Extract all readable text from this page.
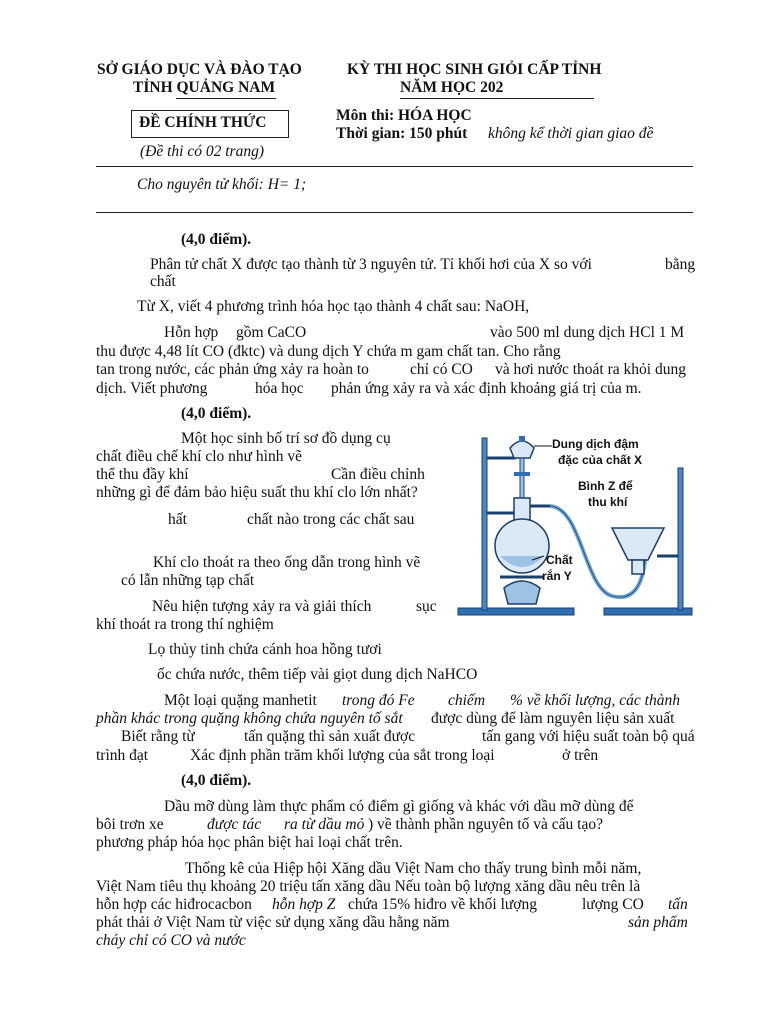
SỞ GIÁO DỤC VÀ ĐÀO TẠO
TỈNH QUẢNG NAM
KỲ THI HỌC SINH GIỎI CẤP TỈNH
NĂM HỌC 202
ĐỀ CHÍNH THỨC
(Đề thi có 02 trang)
Môn thi: HÓA HỌC
Thời gian: 150 phút không kể thời gian giao đề
Cho nguyên tử khối: H= 1;
(4,0 điểm).
Phân tử chất X được tạo thành từ 3 nguyên tử. Tỉ khối hơi của X so với	bằng
chất
Từ X, viết 4 phương trình hóa học tạo thành 4 chất sau: NaOH,
Hỗn hợp gồm CaCO	vào 500 ml dung dịch HCl 1 M
thu được 4,48 lít CO (đktc) và dung dịch Y chứa m gam chất tan. Cho rằng
tan trong nước, các phản ứng xảy ra hoàn to	chỉ có CO và hơi nước thoát ra khỏi dung
dịch. Viết phương	hóa học phản ứng xảy ra và xác định khoảng giá trị của m.
(4,0 điểm).
Một học sinh bố trí sơ đồ dụng cụ
chất điều chế khí clo như hình vẽ
thể thu đầy khí	Cần điều chỉnh
những gì để đảm bảo hiệu suất thu khí clo lớn nhất?
hất	chất nào trong các chất sau
Khí clo thoát ra theo ống dẫn trong hình vẽ
có lẫn những tạp chất
Nêu hiện tượng xảy ra và giải thích	sục
khí thoát ra trong thí nghiệm
Lọ thủy tinh chứa cánh hoa hồng tươi
ốc chứa nước, thêm tiếp vài giọt dung dịch NaHCO
Một loại quặng manhetit trong đó Fe chiếm % về khối lượng, các thành
phần khác trong quặng không chứa nguyên tố sắt được dùng để làm nguyên liệu sản xuất
Biết rằng từ	tấn quặng thì sản xuất được	tấn gang với hiệu suất toàn bộ quá
trình đạt	Xác định phần trăm khối lượng của sắt trong loại	ở trên
Dung dịch đậm
đặc của chất X
Bình Z để
thu khí
Chất
rắn Y
(4,0 điểm).
Dầu mỡ dùng làm thực phẩm có điểm gì giống và khác với dầu mỡ dùng để
bôi trơn xe	được tác ra từ dầu mỏ ) về thành phần nguyên tố và cấu tạo?
phương pháp hóa học phân biệt hai loại chất trên.
Thống kê của Hiệp hội Xăng dầu Việt Nam cho thấy trung bình mỗi năm,
Việt Nam tiêu thụ khoảng 20 triệu tấn xăng dầu Nếu toàn bộ lượng xăng dầu nêu trên là
hỗn hợp các hiđrocacbon hỗn hợp Z chứa 15% hiđro về khối lượng	lượng CO tấn
phát thải ở Việt Nam từ việc sử dụng xăng dầu hằng năm	sản phẩm
cháy chỉ có CO và nước
